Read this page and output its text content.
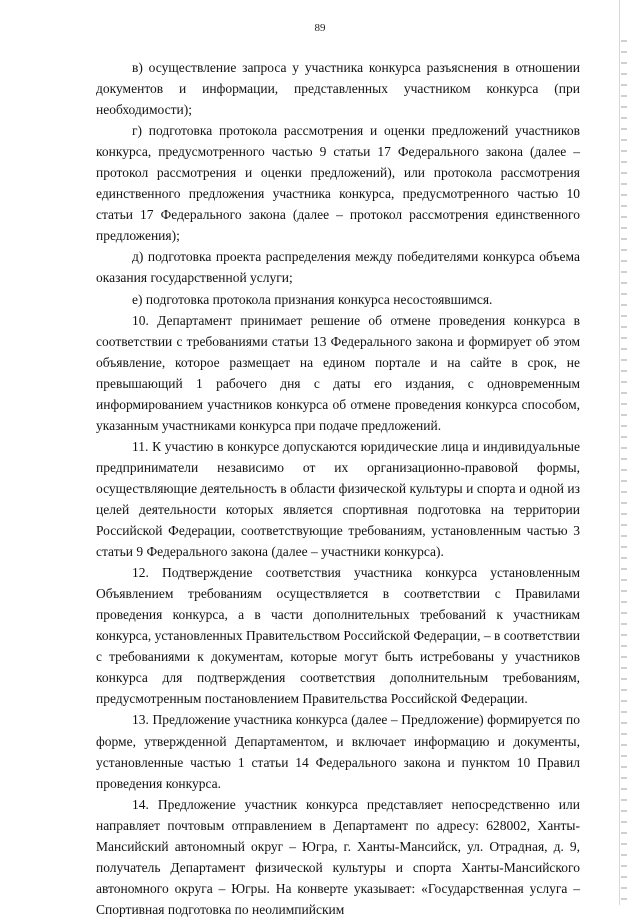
89

в) осуществление запроса у участника конкурса разъяснения в отношении документов и информации, представленных участником конкурса (при необходимости);

г) подготовка протокола рассмотрения и оценки предложений участников конкурса, предусмотренного частью 9 статьи 17 Федерального закона (далее – протокол рассмотрения и оценки предложений), или протокола рассмотрения единственного предложения участника конкурса, предусмотренного частью 10 статьи 17 Федерального закона (далее – протокол рассмотрения единственного предложения);

д) подготовка проекта распределения между победителями конкурса объема оказания государственной услуги;

е) подготовка протокола признания конкурса несостоявшимся.

10. Департамент принимает решение об отмене проведения конкурса в соответствии с требованиями статьи 13 Федерального закона и формирует об этом объявление, которое размещает на едином портале и на сайте в срок, не превышающий 1 рабочего дня с даты его издания, с одновременным информированием участников конкурса об отмене проведения конкурса способом, указанным участниками конкурса при подаче предложений.

11. К участию в конкурсе допускаются юридические лица и индивидуальные предприниматели независимо от их организационно-правовой формы, осуществляющие деятельность в области физической культуры и спорта и одной из целей деятельности которых является спортивная подготовка на территории Российской Федерации, соответствующие требованиям, установленным частью 3 статьи 9 Федерального закона (далее – участники конкурса).

12. Подтверждение соответствия участника конкурса установленным Объявлением требованиям осуществляется в соответствии с Правилами проведения конкурса, а в части дополнительных требований к участникам конкурса, установленных Правительством Российской Федерации, – в соответствии с требованиями к документам, которые могут быть истребованы у участников конкурса для подтверждения соответствия дополнительным требованиям, предусмотренным постановлением Правительства Российской Федерации.

13. Предложение участника конкурса (далее – Предложение) формируется по форме, утвержденной Департаментом, и включает информацию и документы, установленные частью 1 статьи 14 Федерального закона и пунктом 10 Правил проведения конкурса.

14. Предложение участник конкурса представляет непосредственно или направляет почтовым отправлением в Департамент по адресу: 628002, Ханты-Мансийский автономный округ – Югра, г. Ханты-Мансийск, ул. Отрадная, д. 9, получатель Департамент физической культуры и спорта Ханты-Мансийского автономного округа – Югры. На конверте указывает: «Государственная услуга – Спортивная подготовка по неолимпийским
